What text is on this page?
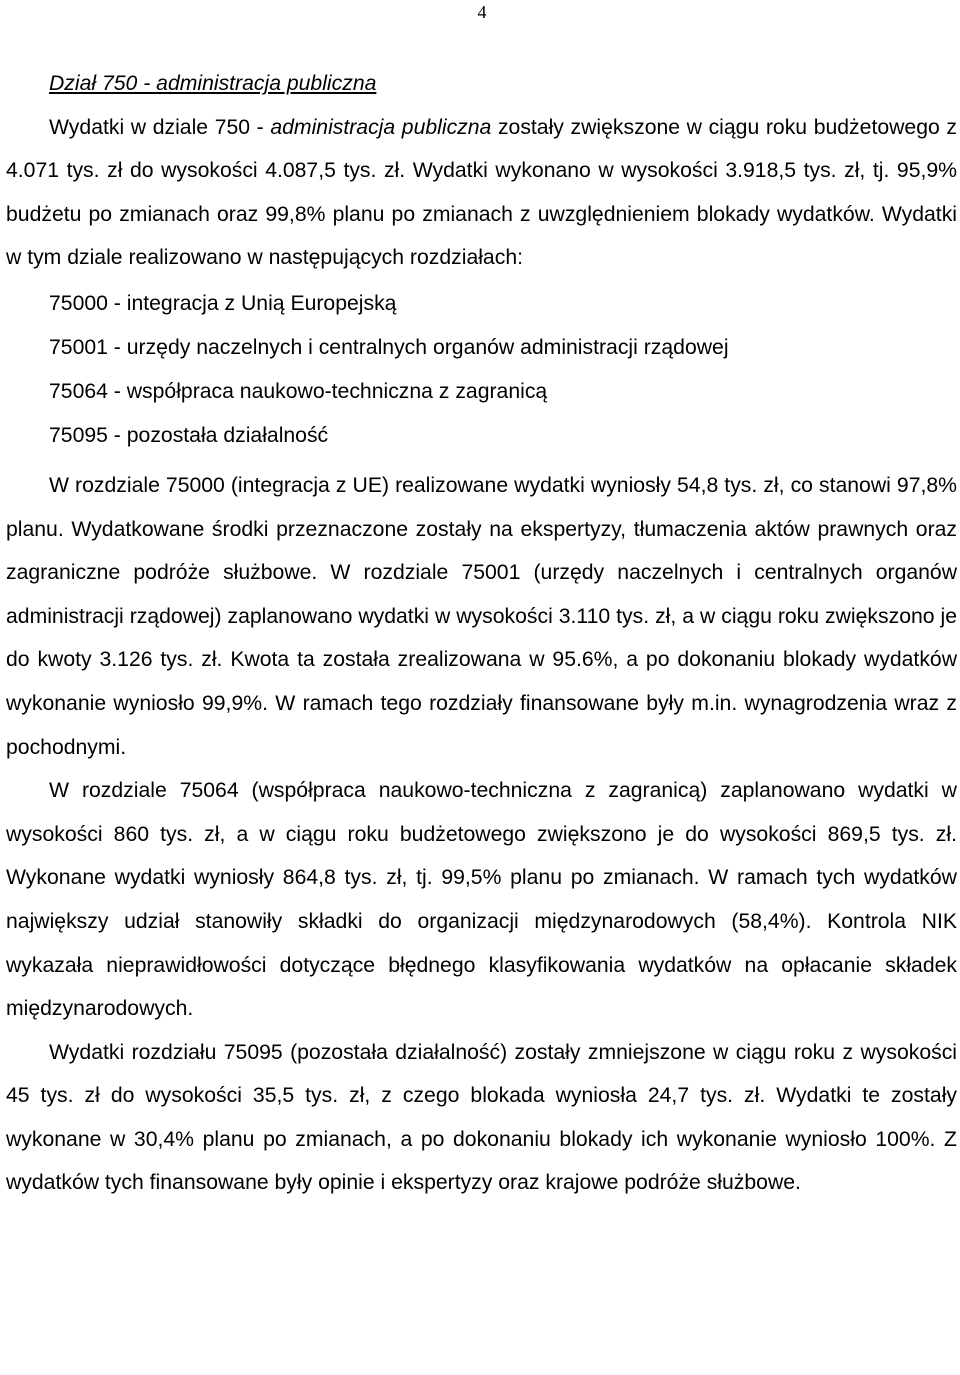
4
Dział 750 - administracja publiczna

Wydatki w dziale 750 - administracja publiczna zostały zwiększone w ciągu roku budżetowego z 4.071 tys. zł do wysokości 4.087,5 tys. zł. Wydatki wykonano w wysokości 3.918,5 tys. zł, tj. 95,9% budżetu po zmianach oraz 99,8% planu po zmianach z uwzględnieniem blokady wydatków. Wydatki w tym dziale realizowano w następujących rozdziałach:

75000 - integracja z Unią Europejską
75001 - urzędy naczelnych i centralnych organów administracji rządowej
75064 - współpraca naukowo-techniczna z zagranicą
75095 - pozostała działalność

W rozdziale 75000 (integracja z UE) realizowane wydatki wyniosły 54,8 tys. zł, co stanowi 97,8% planu. Wydatkowane środki przeznaczone zostały na ekspertyzy, tłumaczenia aktów prawnych oraz zagraniczne podróże służbowe. W rozdziale 75001 (urzędy naczelnych i centralnych organów administracji rządowej) zaplanowano wydatki w wysokości 3.110 tys. zł, a w ciągu roku zwiększono je do kwoty 3.126 tys. zł. Kwota ta została zrealizowana w 95.6%, a po dokonaniu blokady wydatków wykonanie wyniosło 99,9%. W ramach tego rozdziały finansowane były m.in. wynagrodzenia wraz z pochodnymi.

W rozdziale 75064 (współpraca naukowo-techniczna z zagranicą) zaplanowano wydatki w wysokości 860 tys. zł, a w ciągu roku budżetowego zwiększono je do wysokości 869,5 tys. zł. Wykonane wydatki wyniosły 864,8 tys. zł, tj. 99,5% planu po zmianach. W ramach tych wydatków największy udział stanowiły składki do organizacji międzynarodowych (58,4%). Kontrola NIK wykazała nieprawidłowości dotyczące błędnego klasyfikowania wydatków na opłacanie składek międzynarodowych.

Wydatki rozdziału 75095 (pozostała działalność) zostały zmniejszone w ciągu roku z wysokości 45 tys. zł do wysokości 35,5 tys. zł, z czego blokada wyniosła 24,7 tys. zł. Wydatki te zostały wykonane w 30,4% planu po zmianach, a po dokonaniu blokady ich wykonanie wyniosło 100%. Z wydatków tych finansowane były opinie i ekspertyzy oraz krajowe podróże służbowe.
